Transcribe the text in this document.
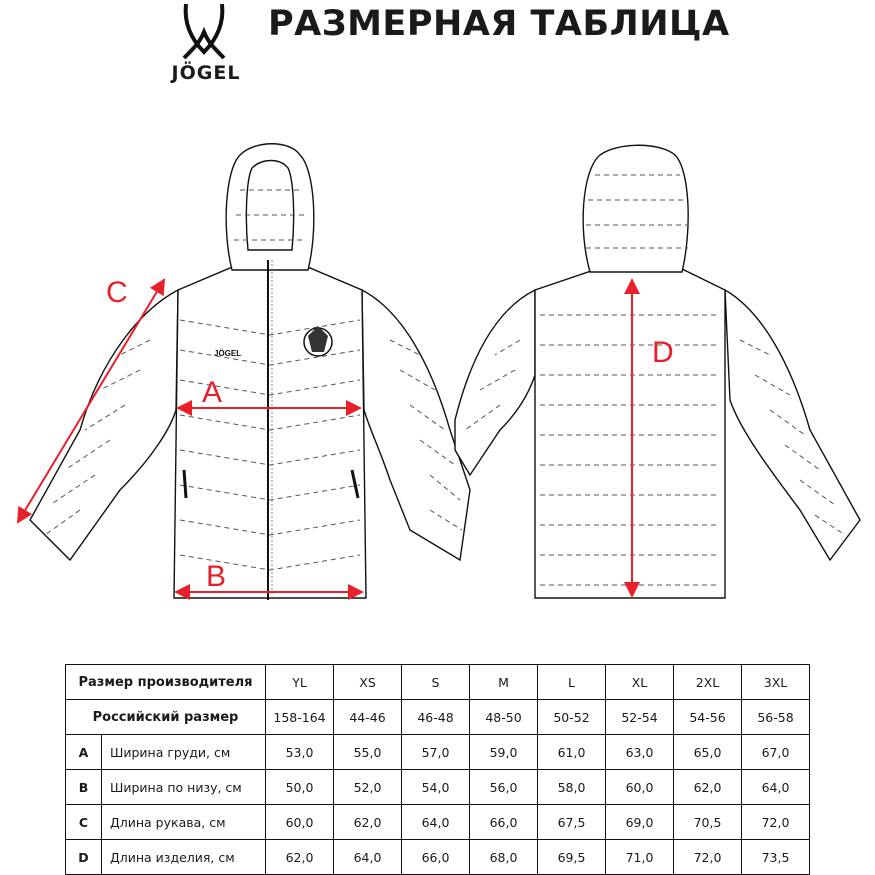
JÖGEL
РАЗМЕРНАЯ ТАБЛИЦА
JÖGEL
A
B
C
D
Размер производителя		YL	XS	S	M	L	XL	2XL	3XL
Российский размер		158-164	44-46	46-48	48-50	50-52	52-54	54-56	56-58
A	Ширина груди, см	53,0	55,0	57,0	59,0	61,0	63,0	65,0	67,0
B	Ширина по низу, см	50,0	52,0	54,0	56,0	58,0	60,0	62,0	64,0
C	Длина рукава, см	60,0	62,0	64,0	66,0	67,5	69,0	70,5	72,0
D	Длина изделия, см	62,0	64,0	66,0	68,0	69,5	71,0	72,0	73,5
